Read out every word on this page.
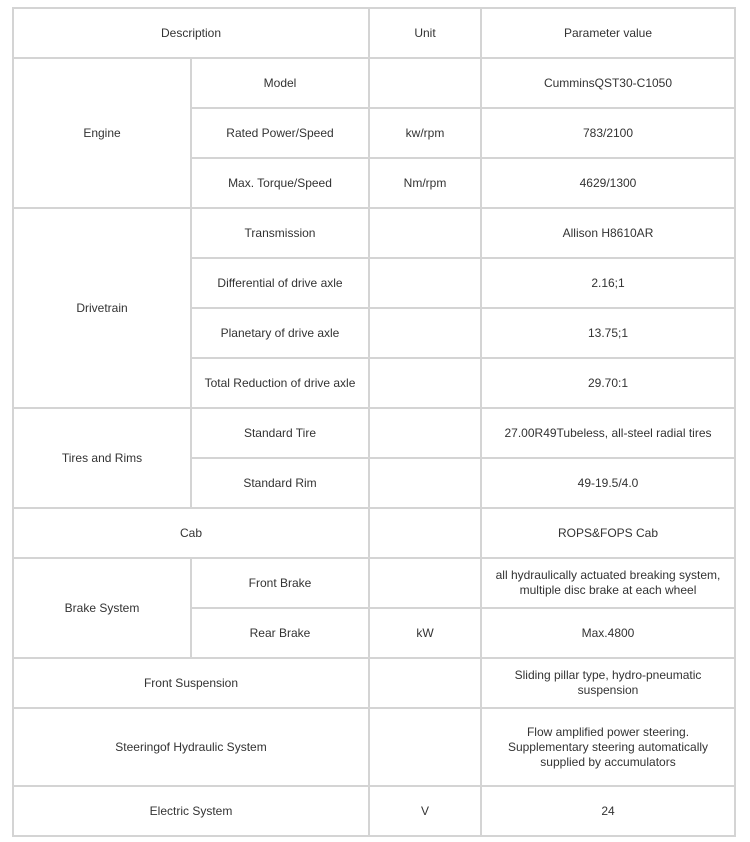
Description		Unit	Parameter value
Engine	Model		CumminsQST30-C1050
	Rated Power/Speed	kw/rpm	783/2100
	Max. Torque/Speed	Nm/rpm	4629/1300
Drivetrain	Transmission		Allison H8610AR
	Differential of drive axle		2.16;1
	Planetary of drive axle		13.75;1
	Total Reduction of drive axle		29.70:1
Tires and Rims	Standard Tire		27.00R49Tubeless, all-steel radial tires
	Standard Rim		49-19.5/4.0
Cab			ROPS&FOPS Cab
Brake System	Front Brake		all hydraulically actuated breaking system,
multiple disc brake at each wheel
	Rear Brake	kW	Max.4800
Front Suspension			Sliding pillar type, hydro-pneumatic
suspension
Steeringof Hydraulic System			Flow amplified power steering.
Supplementary steering automatically
supplied by accumulators
Electric System		V	24
